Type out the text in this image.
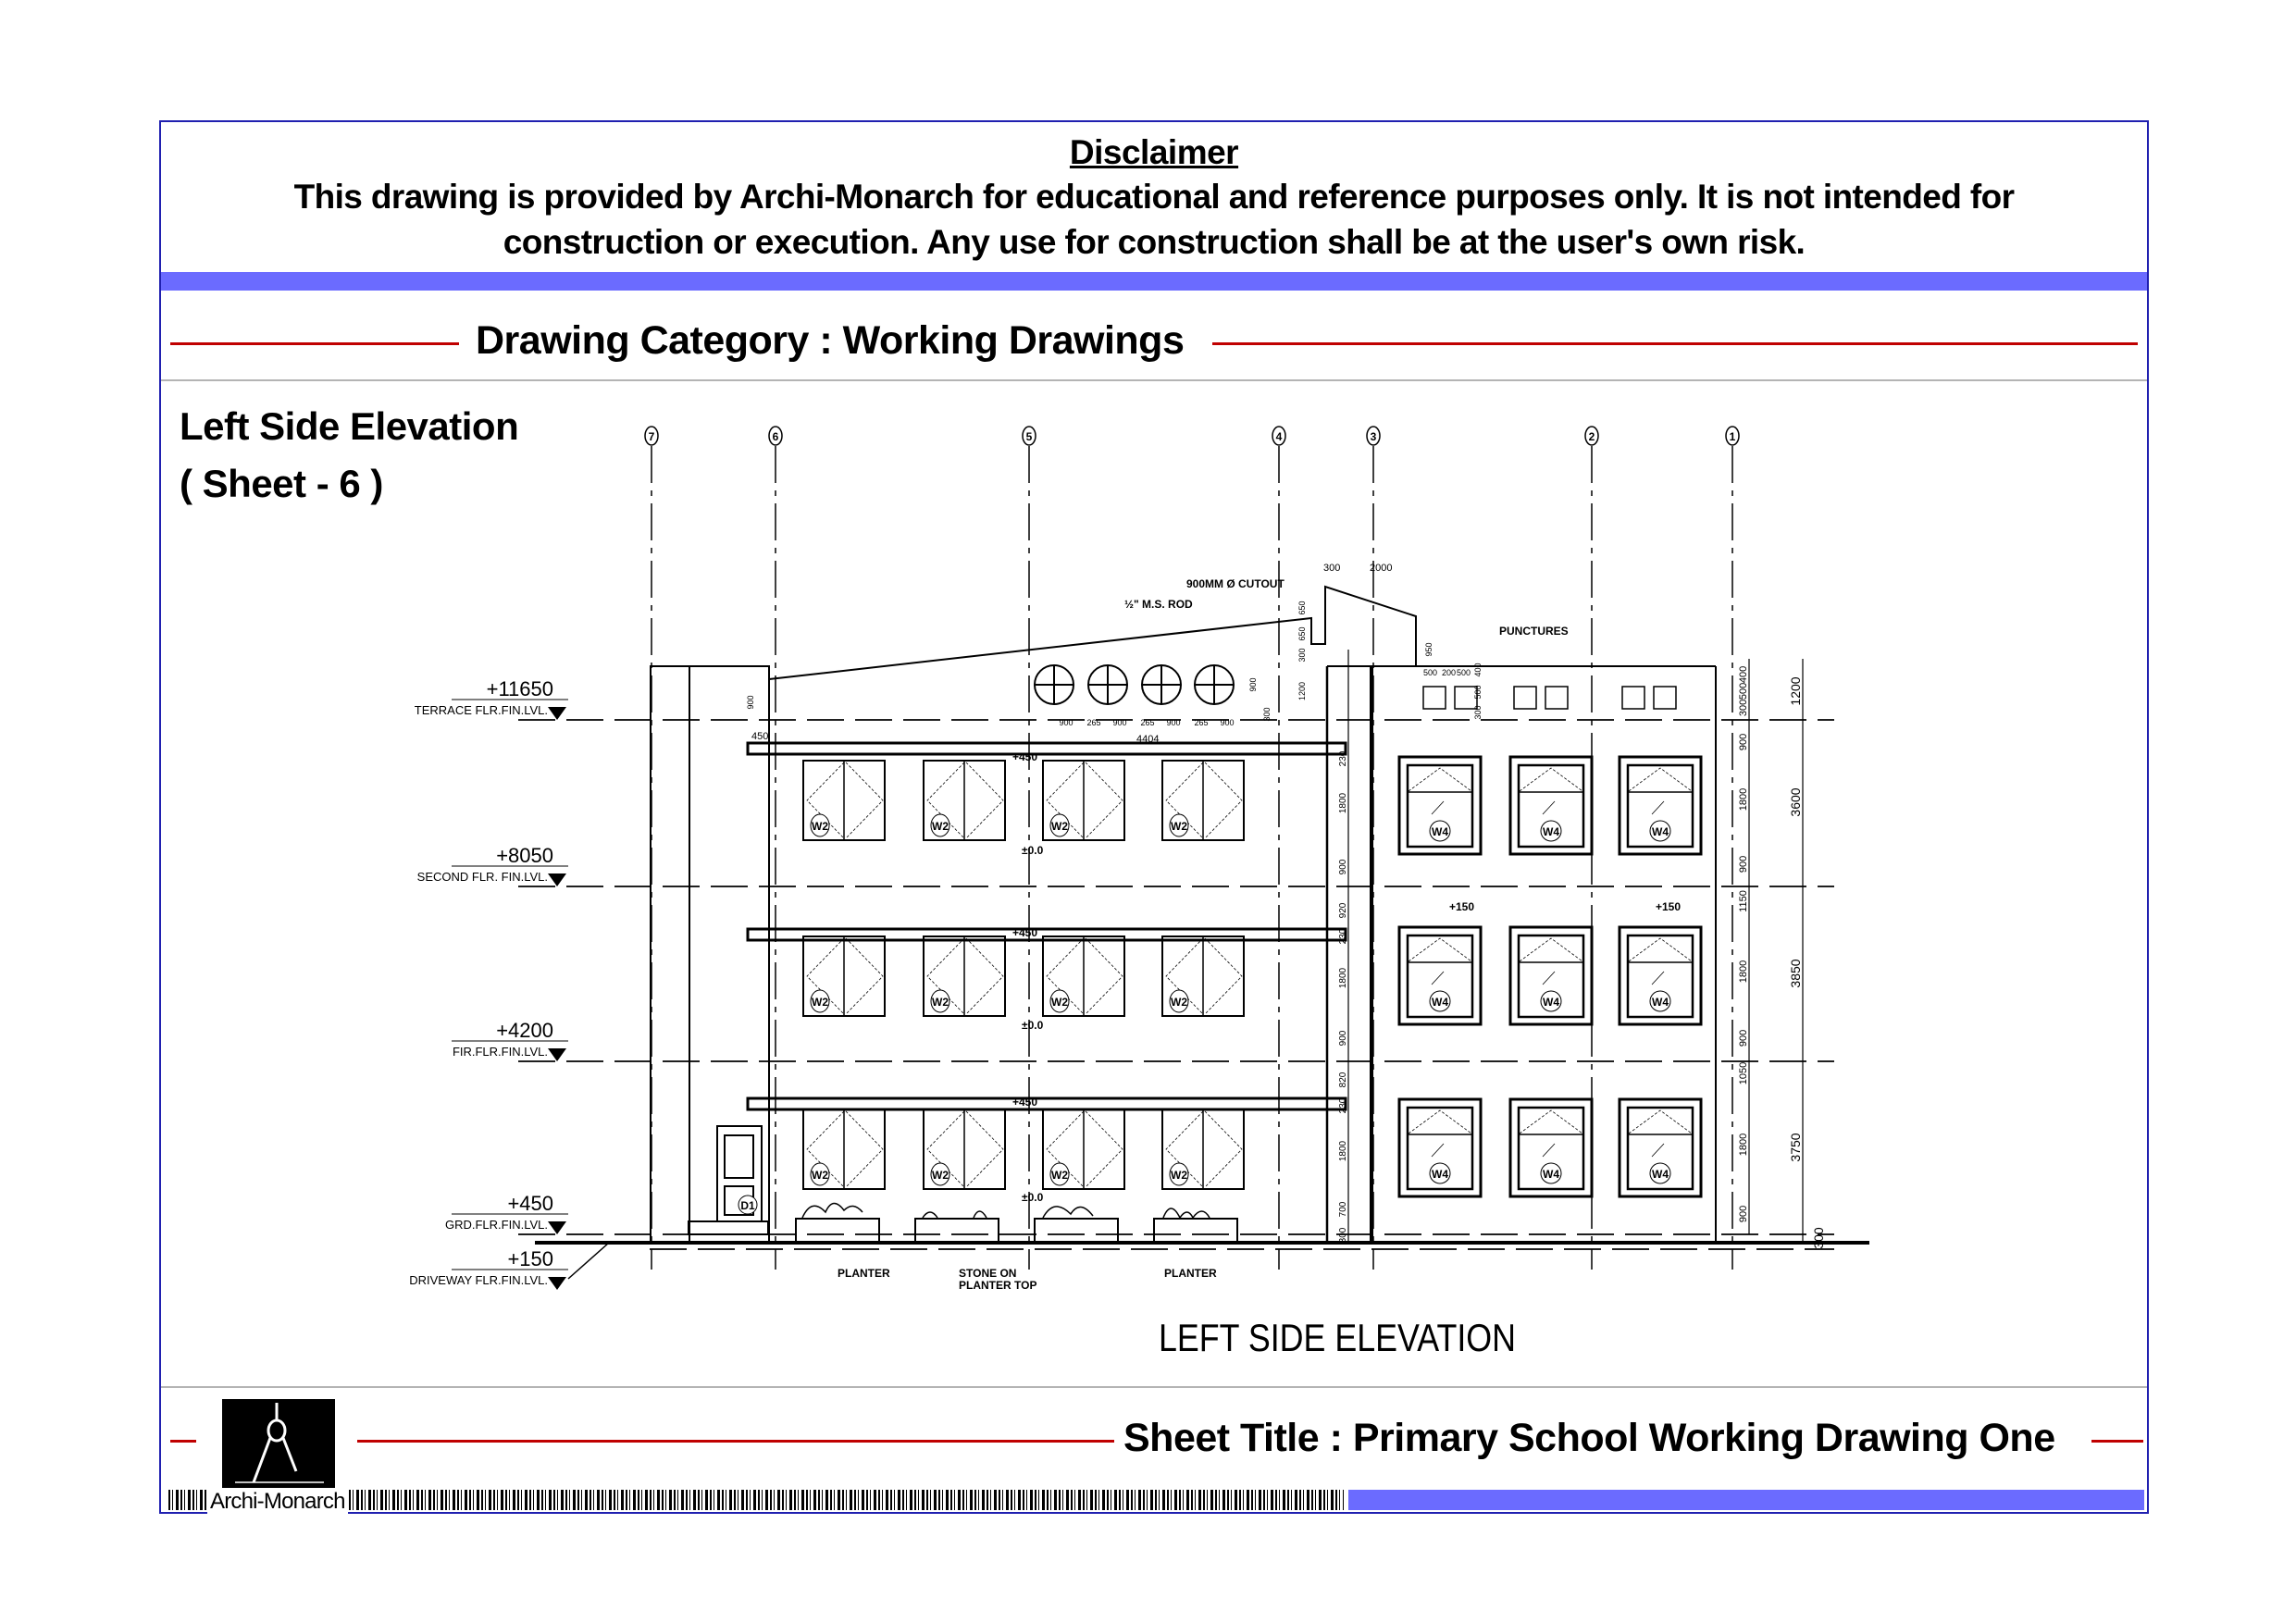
Disclaimer
This drawing is provided by Archi-Monarch for educational and reference purposes only. It is not intended for
construction or execution. Any use for construction shall be at the user's own risk.
Drawing Category : Working Drawings
Left Side Elevation
( Sheet - 6 )
W2	W2	W2	W2
W2	W2	W2	W2
W2	W2	W2	W2
W4	W4	W4
W4	W4	W4
W4	W4	W4
+11650
TERRACE FLR.FIN.LVL.
+8050
SECOND FLR. FIN.LVL.
+4200
FIR.FLR.FIN.LVL.
+450
GRD.FLR.FIN.LVL.
+150
DRIVEWAY FLR.FIN.LVL.
7	6	5	4	3	2	1
D1
900MM Ø CUTOUT
½" M.S. ROD
PUNCTURES
PLANTER	STONE ON
PLANTER TOP
PLANTER
+450
+450
+450
±0.0
±0.0
±0.0
+150	+150
300	2000
4404
450
400
500
300
900
1800
900
1150
1800
900
1050
1800
900
1200
3600
3850
3750
300
230
1800
900
920
230
1800
900
820
230
1800
700
300
900 265 900 265 900 265 900
650
650
300
1200
900
950
900
300
500 200 500 400
500
300
LEFT SIDE ELEVATION
Sheet Title : Primary School Working Drawing One
Archi-Monarch
